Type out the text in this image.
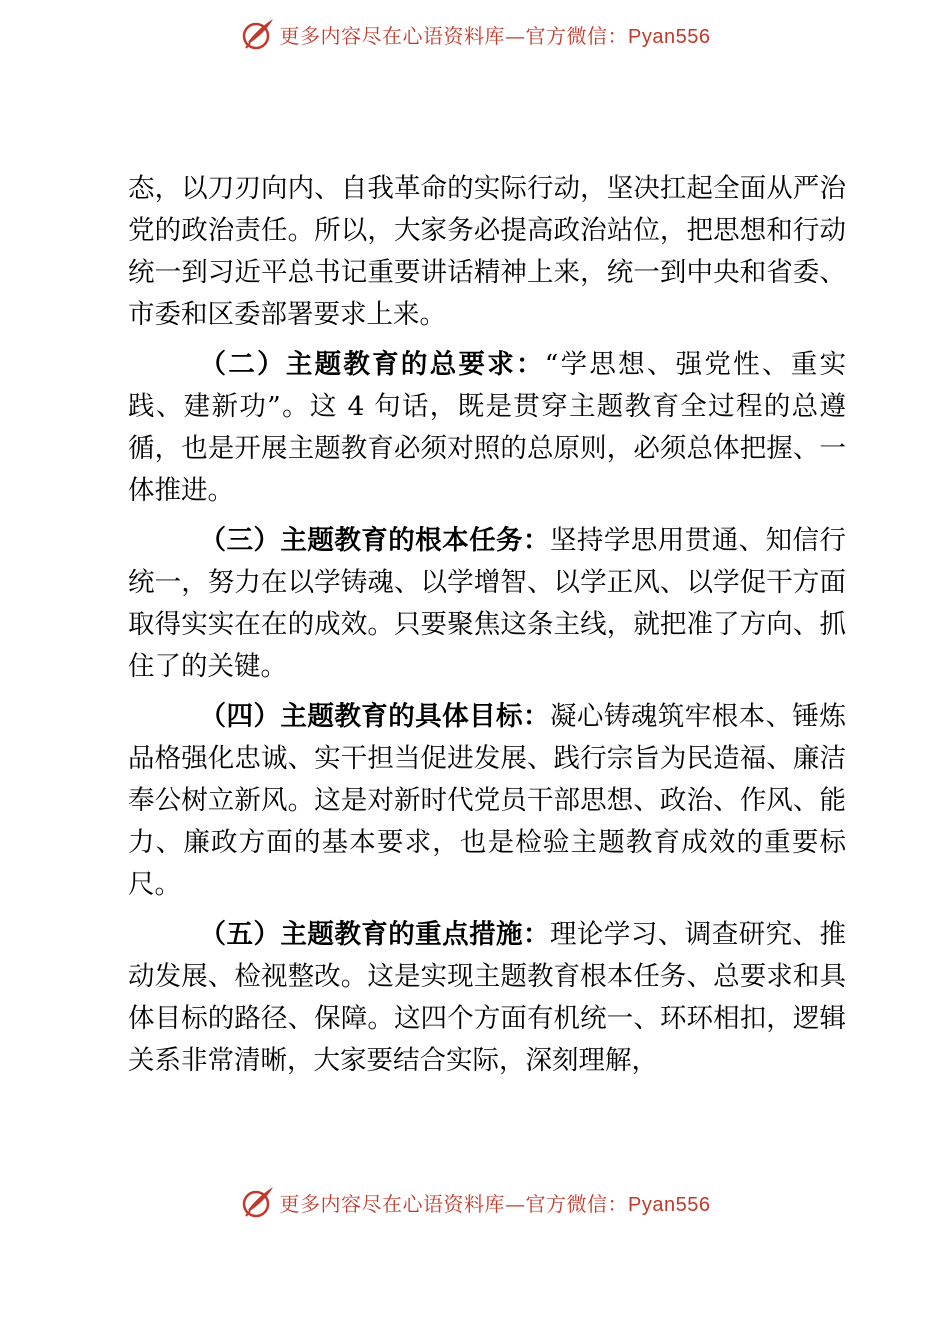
更多内容尽在心语资料库—官方微信：Pyan556

态，以刀刃向内、自我革命的实际行动，坚决扛起全面从严治党的政治责任。所以，大家务必提高政治站位，把思想和行动统一到习近平总书记重要讲话精神上来，统一到中央和省委、市委和区委部署要求上来。

（二）主题教育的总要求：“学思想、强党性、重实践、建新功”。这 4 句话，既是贯穿主题教育全过程的总遵循，也是开展主题教育必须对照的总原则，必须总体把握、一体推进。

（三）主题教育的根本任务：坚持学思用贯通、知信行统一，努力在以学铸魂、以学增智、以学正风、以学促干方面取得实实在在的成效。只要聚焦这条主线，就把准了方向、抓住了的关键。

（四）主题教育的具体目标：凝心铸魂筑牢根本、锤炼品格强化忠诚、实干担当促进发展、践行宗旨为民造福、廉洁奉公树立新风。这是对新时代党员干部思想、政治、作风、能力、廉政方面的基本要求，也是检验主题教育成效的重要标尺。

（五）主题教育的重点措施：理论学习、调查研究、推动发展、检视整改。这是实现主题教育根本任务、总要求和具体目标的路径、保障。这四个方面有机统一、环环相扣，逻辑关系非常清晰，大家要结合实际，深刻理解，

更多内容尽在心语资料库—官方微信：Pyan556
